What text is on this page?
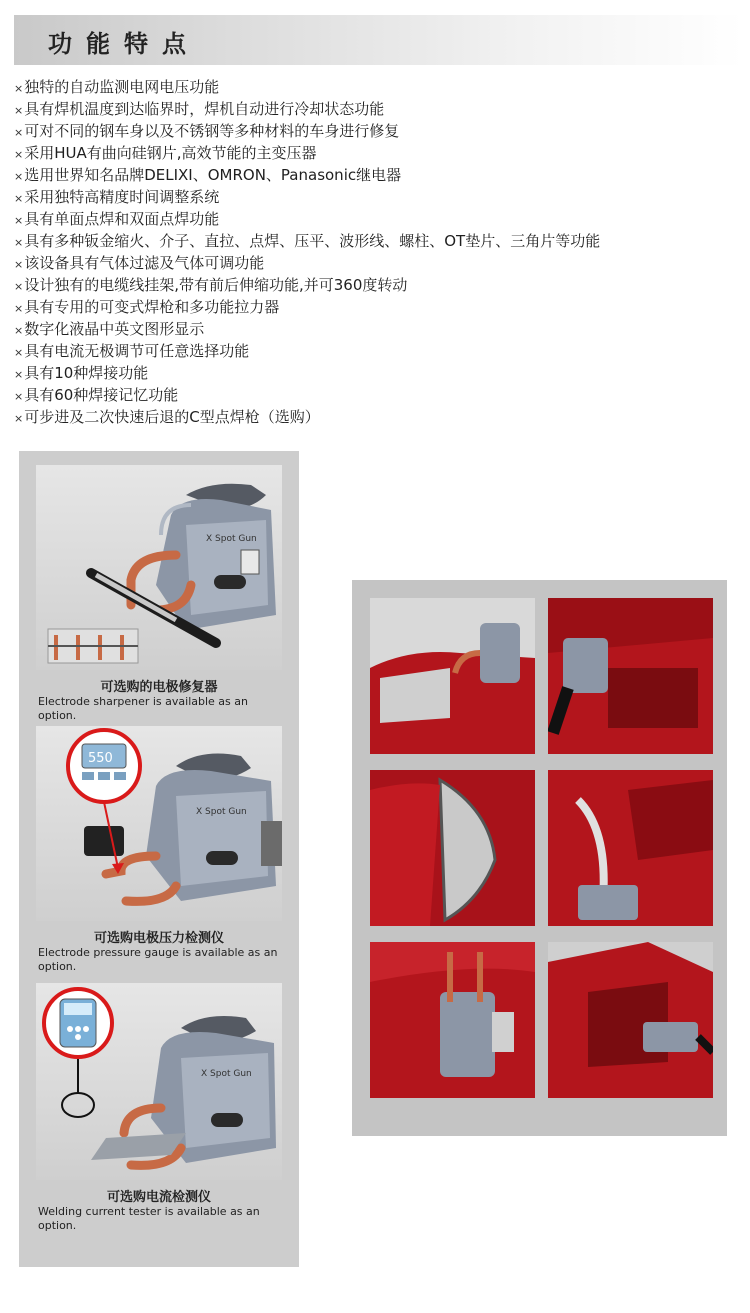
功能特点
×独特的自动监测电网电压功能
×具有焊机温度到达临界时，焊机自动进行冷却状态功能
×可对不同的钢车身以及不锈钢等多种材料的车身进行修复
×采用HUA有曲向硅钢片,高效节能的主变压器
×选用世界知名品牌DELIXI、OMRON、Panasonic继电器
×采用独特高精度时间调整系统
×具有单面点焊和双面点焊功能
×具有多种钣金缩火、介子、直拉、点焊、压平、波形线、螺柱、OT垫片、三角片等功能
×该设备具有气体过滤及气体可调功能
×设计独有的电缆线挂架,带有前后伸缩功能,并可360度转动
×具有专用的可变式焊枪和多功能拉力器
×数字化液晶中英文图形显示
×具有电流无极调节可任意选择功能
×具有10种焊接功能
×具有60种焊接记忆功能
×可步进及二次快速后退的C型点焊枪（选购）
X Spot Gun
可选购的电极修复器
Electrode sharpener is available as an option.
X Spot Gun
550
可选购电极压力检测仪
Electrode pressure gauge is available as an option.
X Spot Gun
可选购电流检测仪
Welding current tester is available as an option.
